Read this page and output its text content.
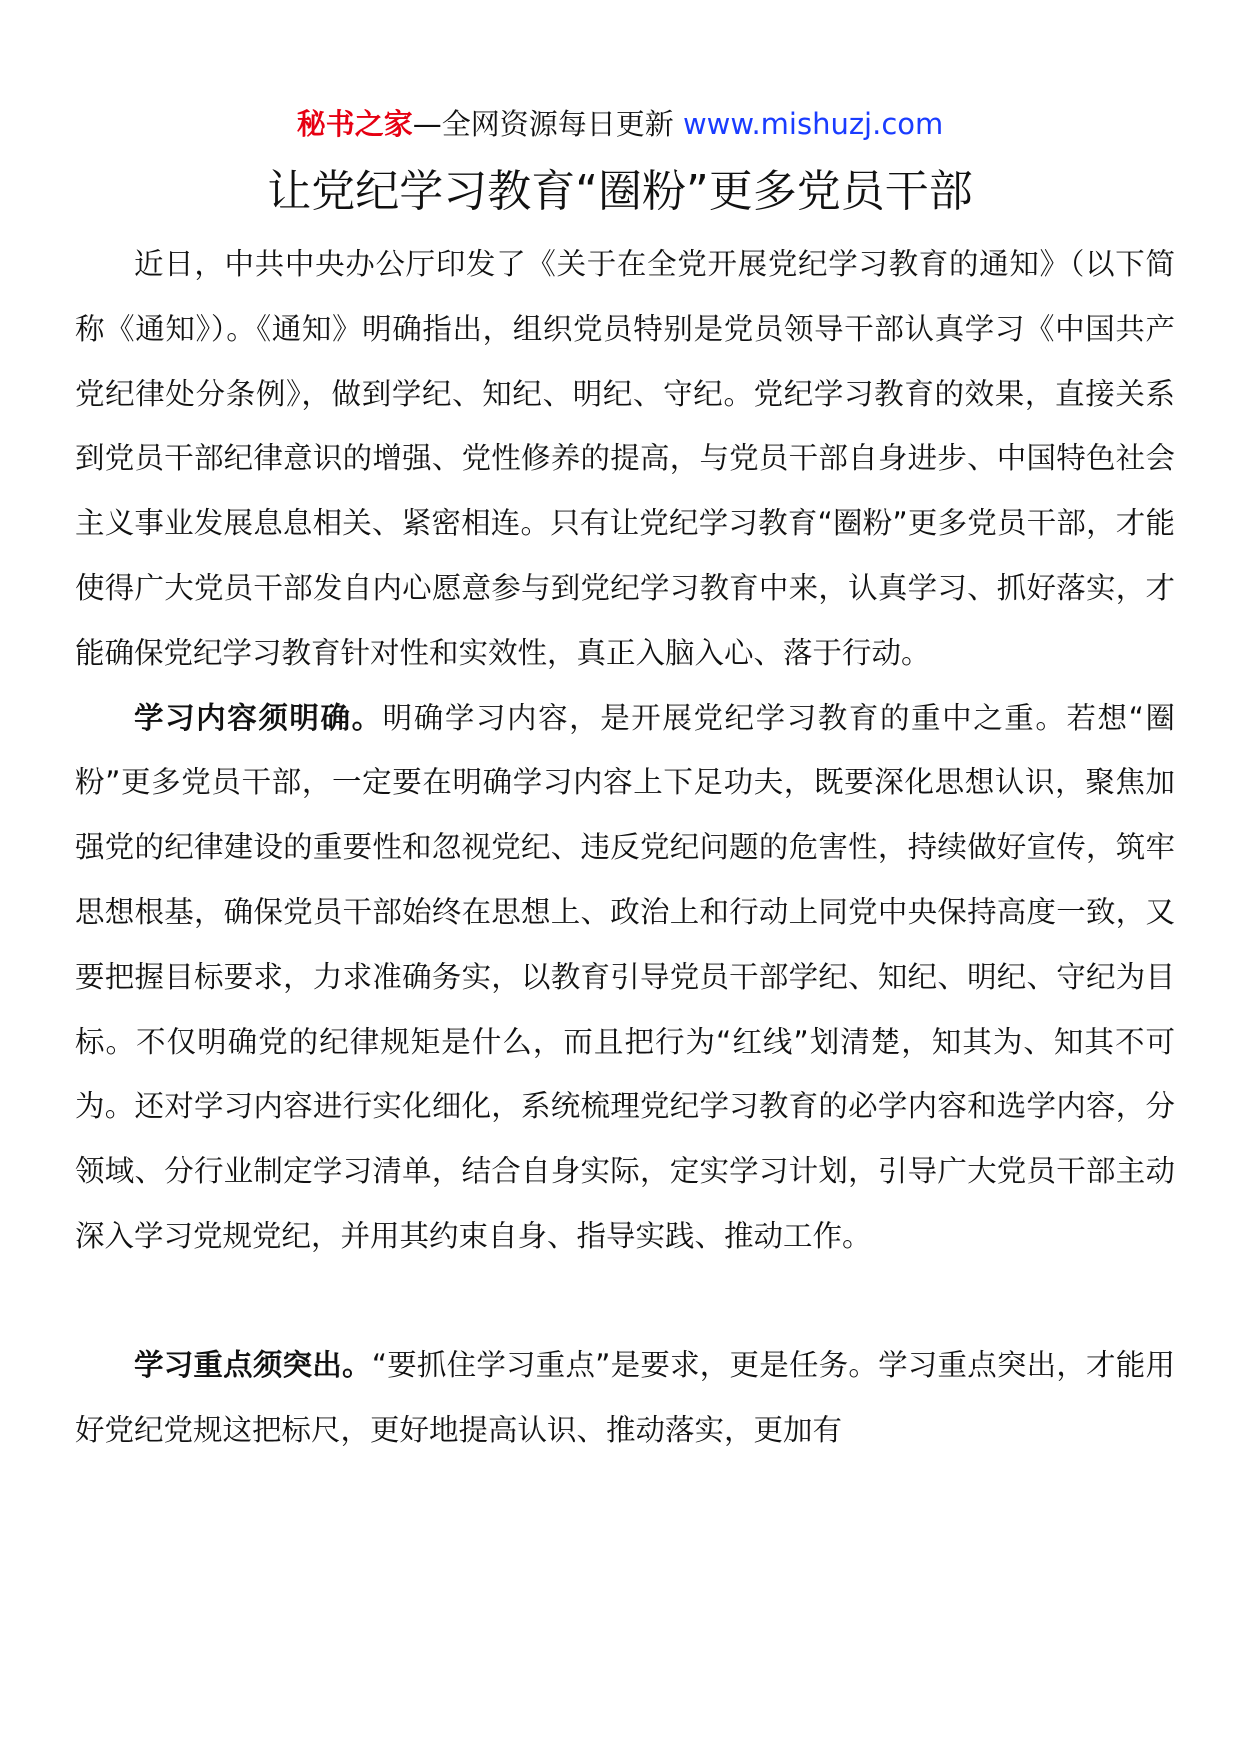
秘书之家—全网资源每日更新 www.mishuzj.com
让党纪学习教育“圈粉”更多党员干部

近日，中共中央办公厅印发了《关于在全党开展党纪学习教育的通知》（以下简称《通知》）。《通知》明确指出，组织党员特别是党员领导干部认真学习《中国共产党纪律处分条例》，做到学纪、知纪、明纪、守纪。党纪学习教育的效果，直接关系到党员干部纪律意识的增强、党性修养的提高，与党员干部自身进步、中国特色社会主义事业发展息息相关、紧密相连。只有让党纪学习教育“圈粉”更多党员干部，才能使得广大党员干部发自内心愿意参与到党纪学习教育中来，认真学习、抓好落实，才能确保党纪学习教育针对性和实效性，真正入脑入心、落于行动。

学习内容须明确。明确学习内容，是开展党纪学习教育的重中之重。若想“圈粉”更多党员干部，一定要在明确学习内容上下足功夫，既要深化思想认识，聚焦加强党的纪律建设的重要性和忽视党纪、违反党纪问题的危害性，持续做好宣传，筑牢思想根基，确保党员干部始终在思想上、政治上和行动上同党中央保持高度一致，又要把握目标要求，力求准确务实，以教育引导党员干部学纪、知纪、明纪、守纪为目标。不仅明确党的纪律规矩是什么，而且把行为“红线”划清楚，知其为、知其不可为。还对学习内容进行实化细化，系统梳理党纪学习教育的必学内容和选学内容，分领域、分行业制定学习清单，结合自身实际，定实学习计划，引导广大党员干部主动深入学习党规党纪，并用其约束自身、指导实践、推动工作。

学习重点须突出。“要抓住学习重点”是要求，更是任务。学习重点突出，才能用好党纪党规这把标尺，更好地提高认识、推动落实，更加有
